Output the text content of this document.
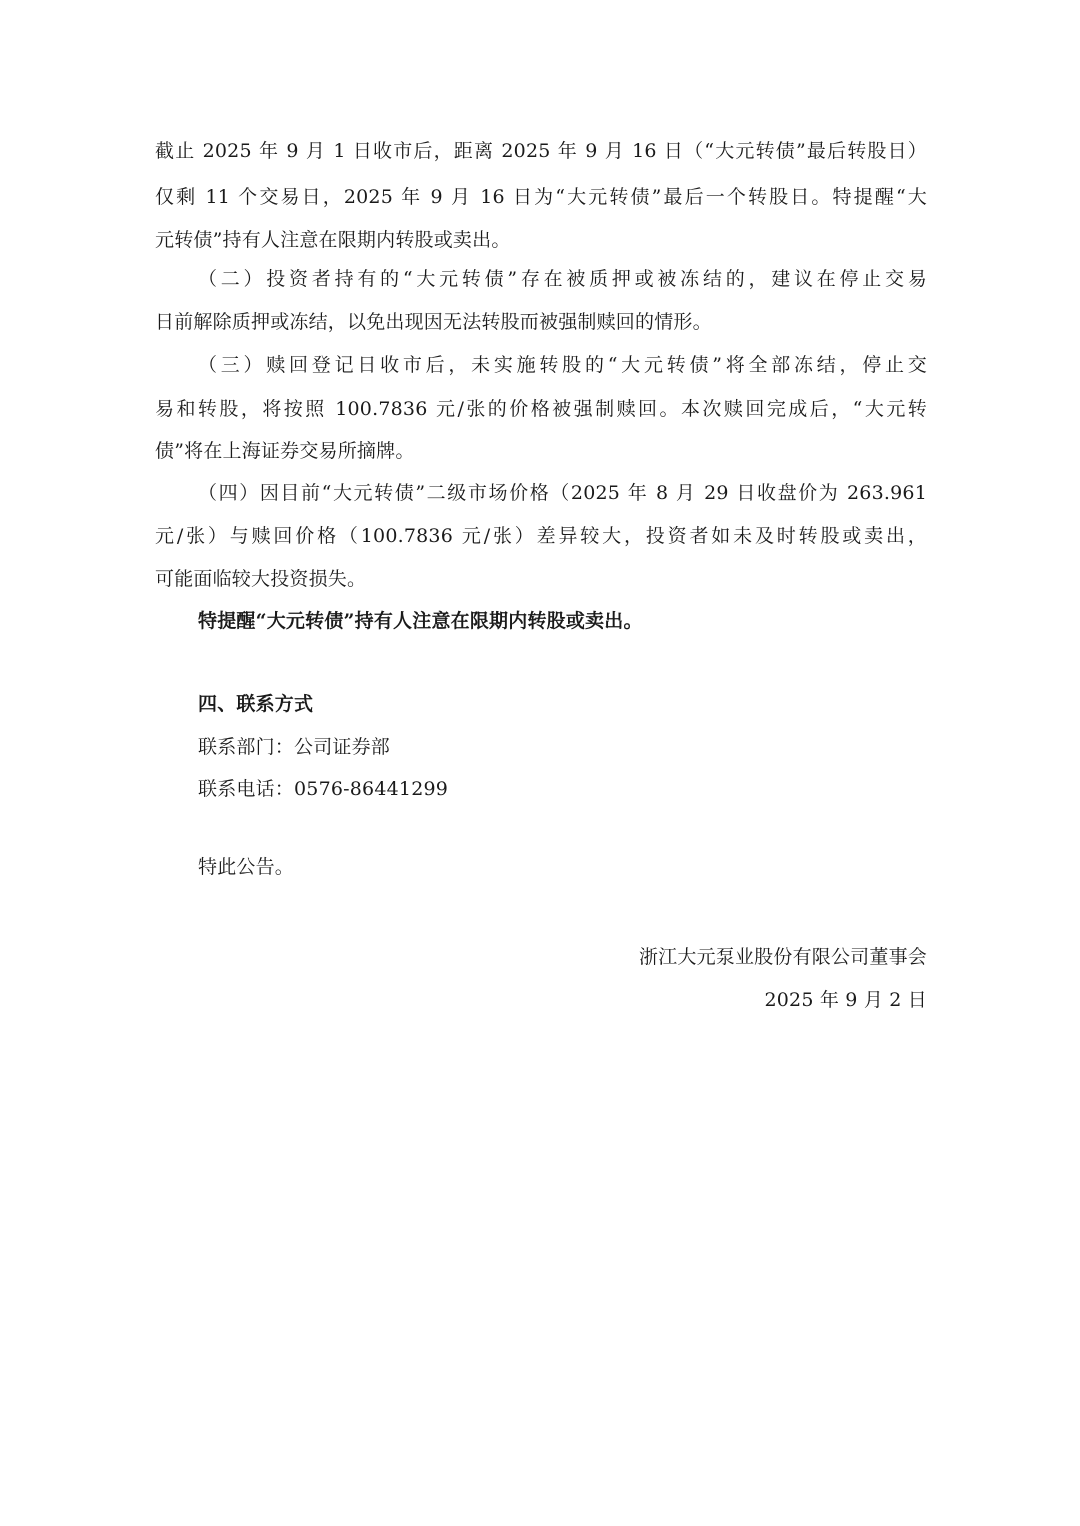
截止 2025 年 9 月 1 日收市后，距离 2025 年 9 月 16 日（“大元转债”最后转股日）
仅剩 11 个交易日，2025 年 9 月 16 日为“大元转债”最后一个转股日。特提醒“大
元转债”持有人注意在限期内转股或卖出。
（二）投资者持有的“大元转债”存在被质押或被冻结的，建议在停止交易
日前解除质押或冻结，以免出现因无法转股而被强制赎回的情形。
（三）赎回登记日收市后，未实施转股的“大元转债”将全部冻结，停止交
易和转股，将按照 100.7836 元/张的价格被强制赎回。本次赎回完成后，“大元转
债”将在上海证券交易所摘牌。
（四）因目前“大元转债”二级市场价格（2025 年 8 月 29 日收盘价为 263.961
元/张）与赎回价格（100.7836 元/张）差异较大，投资者如未及时转股或卖出，
可能面临较大投资损失。
特提醒“大元转债”持有人注意在限期内转股或卖出。
四、联系方式
联系部门：公司证券部
联系电话：0576-86441299
特此公告。
浙江大元泵业股份有限公司董事会
2025 年 9 月 2 日
